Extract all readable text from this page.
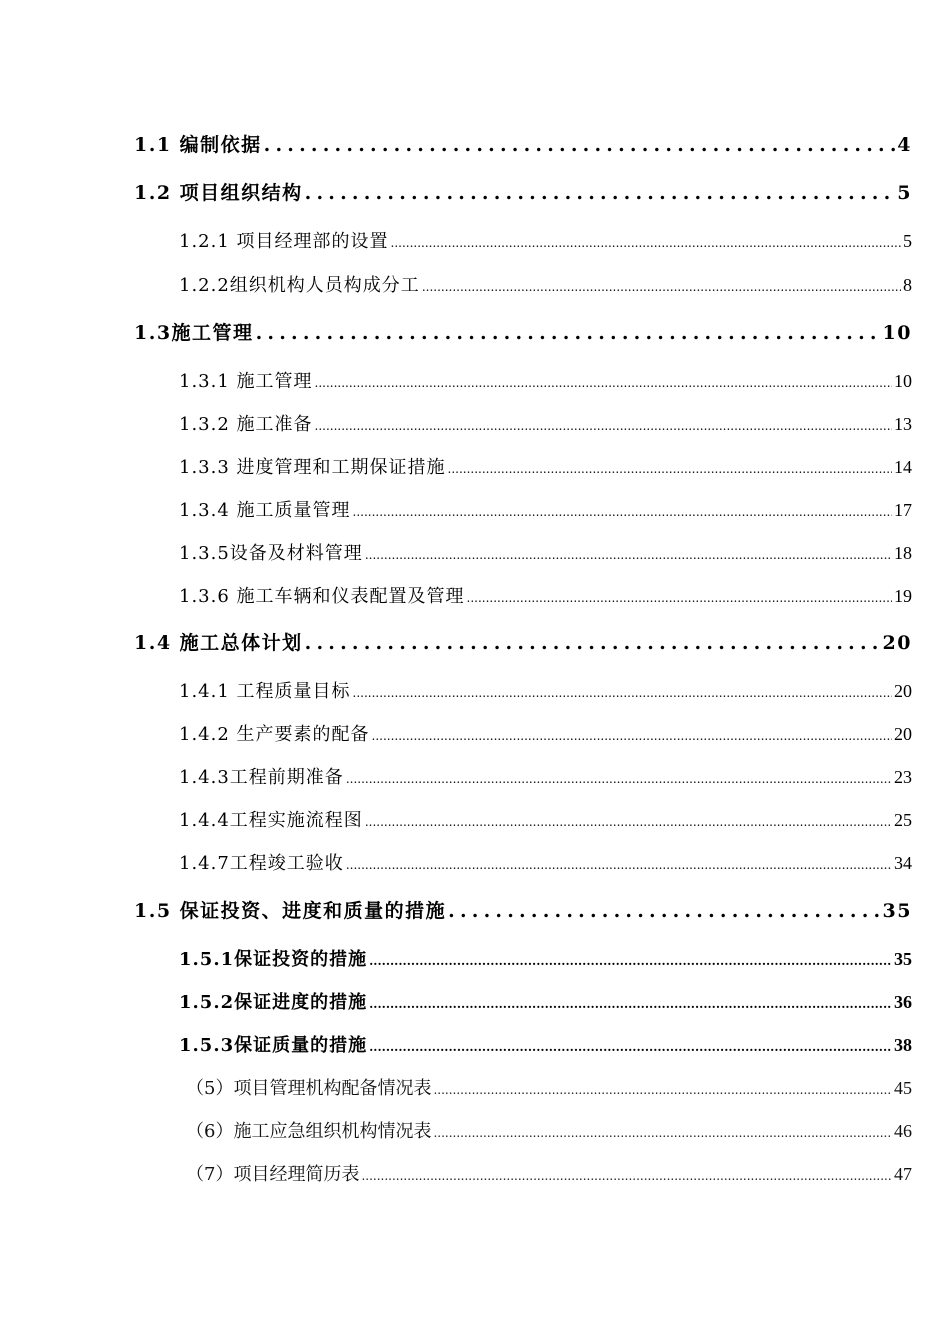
1.1 编制依据 .....	4
1.2 项目组织结构 .....	5
1.2.1 项目经理部的设置 .....	5
1.2.2组织机构人员构成分工 .....	8
1.3施工管理 .....	10
1.3.1 施工管理 .....	10
1.3.2 施工准备 .....	13
1.3.3 进度管理和工期保证措施 .....	14
1.3.4 施工质量管理 .....	17
1.3.5设备及材料管理 .....	18
1.3.6 施工车辆和仪表配置及管理 .....	19
1.4 施工总体计划 .....	20
1.4.1 工程质量目标 .....	20
1.4.2 生产要素的配备 .....	20
1.4.3工程前期准备 .....	23
1.4.4工程实施流程图 .....	25
1.4.7工程竣工验收 .....	34
1.5 保证投资、进度和质量的措施 .....	35
1.5.1保证投资的措施 .....	35
1.5.2保证进度的措施 .....	36
1.5.3保证质量的措施 .....	38
（5）项目管理机构配备情况表 .....	45
（6）施工应急组织机构情况表 .....	46
（7）项目经理简历表 .....	47
